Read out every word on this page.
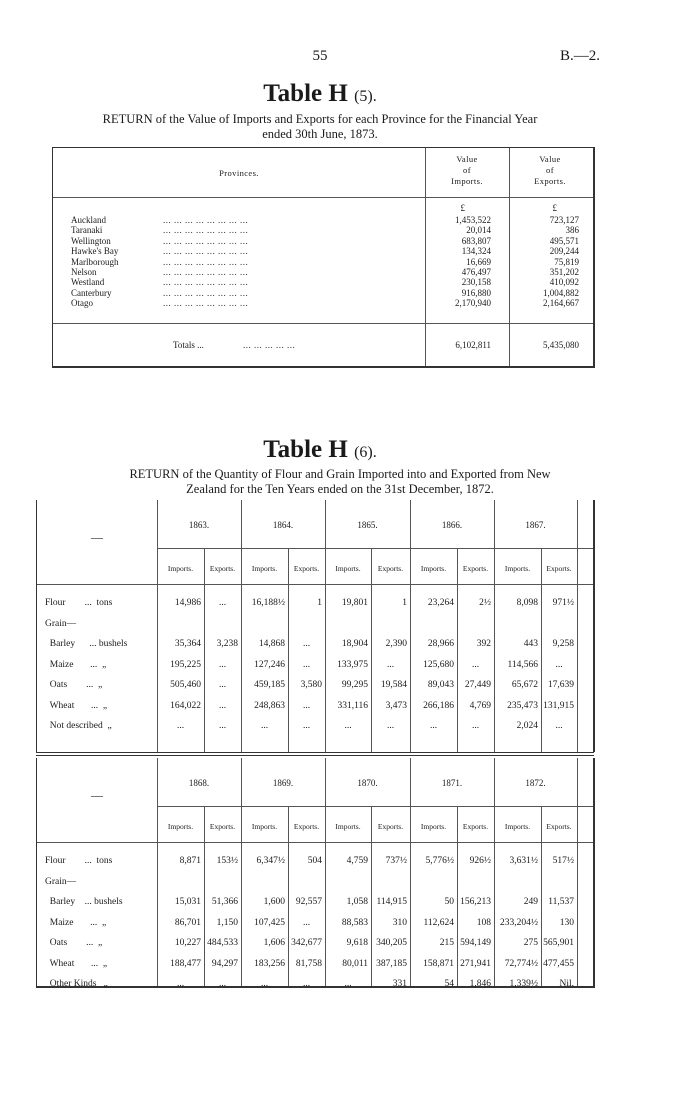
55	B.—2.
Table H (5).
RETURN of the Value of Imports and Exports for each Province for the Financial Year
ended 30th June, 1873.
Provinces.
Value
of
Imports.
Value
of
Exports.
£	£
Auckland	... ... ... ... ... ... ... ...	1,453,522	723,127
Taranaki	... ... ... ... ... ... ... ...	20,014	386
Wellington	... ... ... ... ... ... ... ...	683,807	495,571
Hawke's Bay	... ... ... ... ... ... ... ...	134,324	209,244
Marlborough	... ... ... ... ... ... ... ...	16,669	75,819
Nelson	... ... ... ... ... ... ... ...	476,497	351,202
Westland	... ... ... ... ... ... ... ...	230,158	410,092
Canterbury	... ... ... ... ... ... ... ...	916,880	1,004,882
Otago	... ... ... ... ... ... ... ...	2,170,940	2,164,667
Totals ...	... ... ... ... ...	6,102,811	5,435,080
Table H (6).
RETURN of the Quantity of Flour and Grain Imported into and Exported from New
Zealand for the Ten Years ended on the 31st December, 1872.
—
1863.
Imports.	Exports.
1864.
Imports.	Exports.
1865.
Imports.	Exports.
1866.
Imports.	Exports.
1867.
Imports.	Exports.
Flour        ...  tons	14,986	...	16,188½	1	19,801	1	23,264	2½	8,098	971½
Grain—
Barley      ... bushels	35,364	3,238	14,868	...	18,904	2,390	28,966	392	443	9,258
Maize       ...  „	195,225	...	127,246	...	133,975	...	125,680	...	114,566	...
Oats        ...  „	505,460	...	459,185	3,580	99,295	19,584	89,043	27,449	65,672	17,639
Wheat       ...  „	164,022	...	248,863	...	331,116	3,473	266,186	4,769	235,473 131,915
Not described  „	...	...	...	...	...	...	...	...	2,024	...
—
1868.
Imports.	Exports.
1869.
Imports.	Exports.
1870.
Imports.	Exports.
1871.
Imports.	Exports.
1872.
Imports.	Exports.
Flour        ...  tons	8,871	153½	6,347½	504	4,759	737½	5,776½	926½	3,631½	517½
Grain—
Barley    ... bushels	15,031	51,366	1,600	92,557	1,058 114,915	50 156,213	249	11,537
Maize       ...  „	86,701	1,150	107,425	...	88,583	310	112,624	108 233,204½	130
Oats        ...  „	10,227 484,533	1,606 342,677	9,618 340,205	215 594,149	275 565,901
Wheat       ...  „	188,477	94,297	183,256	81,758	80,011 387,185	158,871 271,941	72,774½ 477,455
Other Kinds   „	...	...	...	...	...	331	54	1,846	1,339½	Nil.
